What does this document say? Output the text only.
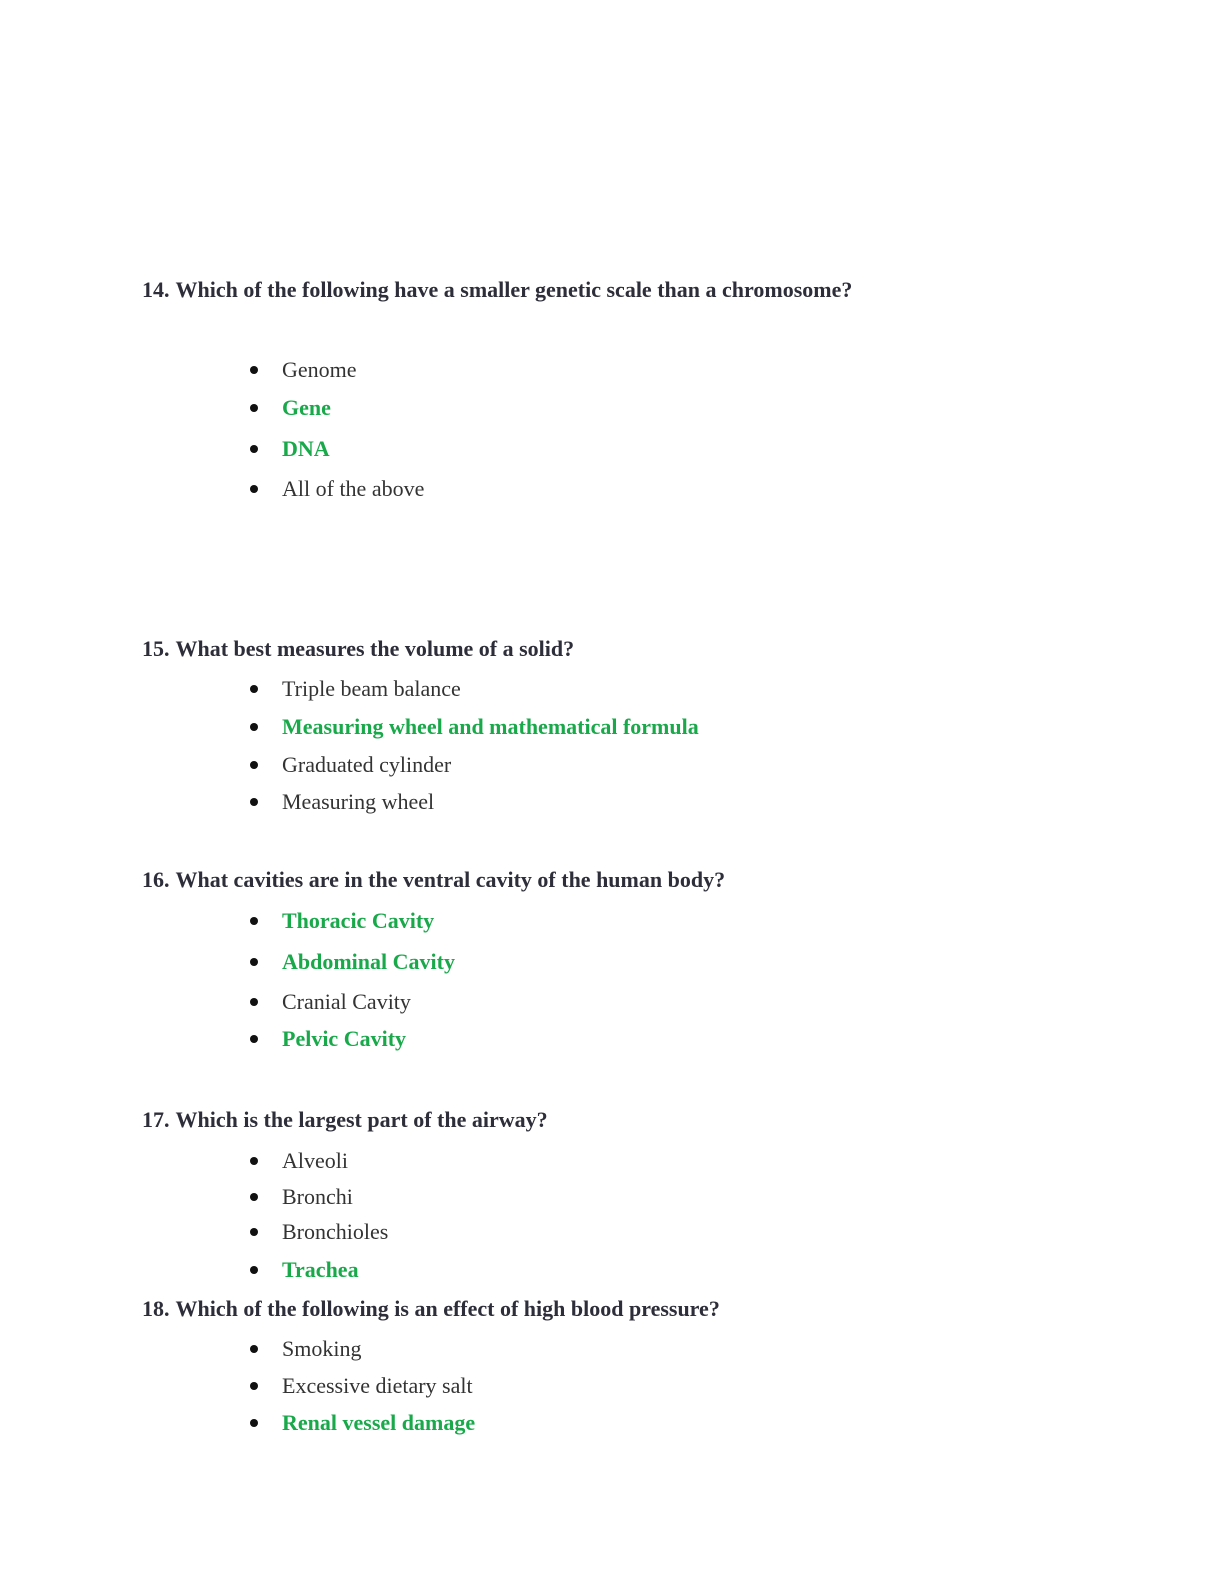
14. Which of the following have a smaller genetic scale than a chromosome?
Genome
Gene
DNA
All of the above
15. What best measures the volume of a solid?
Triple beam balance
Measuring wheel and mathematical formula
Graduated cylinder
Measuring wheel
16. What cavities are in the ventral cavity of the human body?
Thoracic Cavity
Abdominal Cavity
Cranial Cavity
Pelvic Cavity
17. Which is the largest part of the airway?
Alveoli
Bronchi
Bronchioles
Trachea
18. Which of the following is an effect of high blood pressure?
Smoking
Excessive dietary salt
Renal vessel damage
